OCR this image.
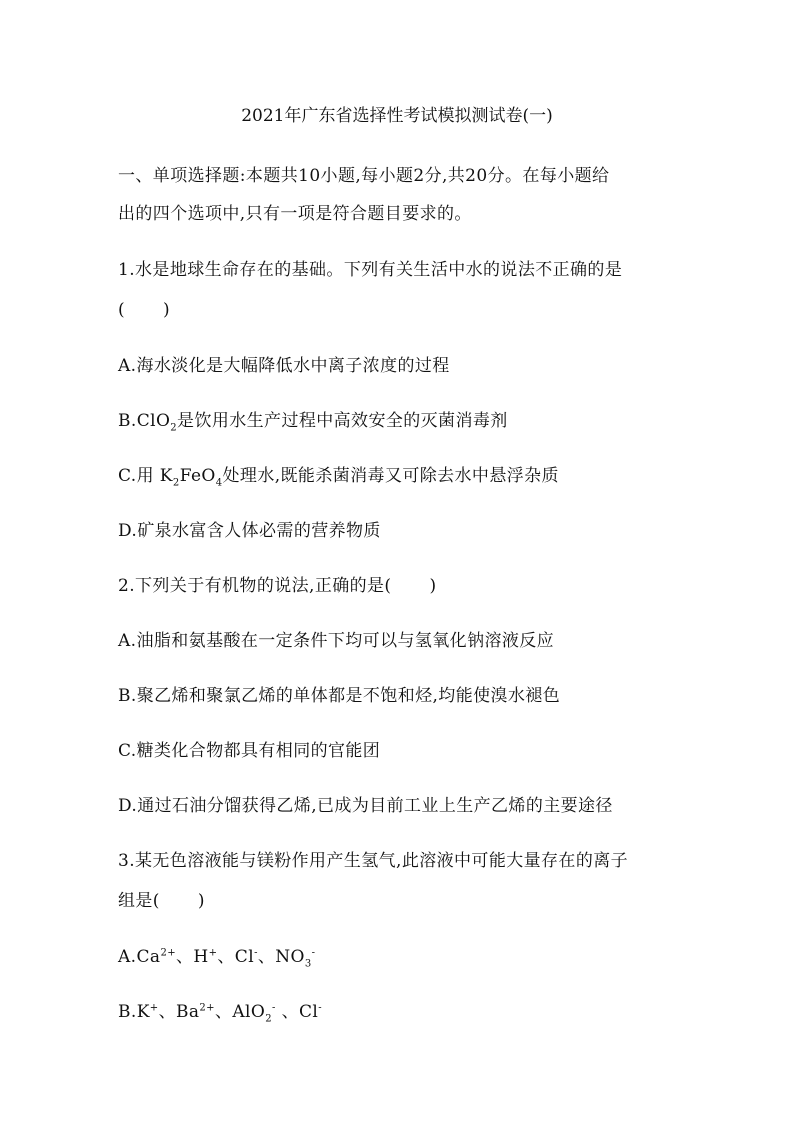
2021年广东省选择性考试模拟测试卷(一)
一、单项选择题:本题共10小题,每小题2分,共20分。在每小题给
出的四个选项中,只有一项是符合题目要求的。
1.水是地球生命存在的基础。下列有关生活中水的说法不正确的是
( )
A.海水淡化是大幅降低水中离子浓度的过程
B.ClO$_2$是饮用水生产过程中高效安全的灭菌消毒剂
C.用 $K_2FeO_4$处理水,既能杀菌消毒又可除去水中悬浮杂质
D.矿泉水富含人体必需的营养物质
2.下列关于有机物的说法,正确的是( )
A.油脂和氨基酸在一定条件下均可以与氢氧化钠溶液反应
B.聚乙烯和聚氯乙烯的单体都是不饱和烃,均能使溴水褪色
C.糖类化合物都具有相同的官能团
D.通过石油分馏获得乙烯,已成为目前工业上生产乙烯的主要途径
3.某无色溶液能与镁粉作用产生氢气,此溶液中可能大量存在的离子
组是( )
$A.Ca^{2+}$、H+、Cl-、$NO_3^-$
B.K+、$Ba^{2+}$、AlO$_2$- 、Cl-
